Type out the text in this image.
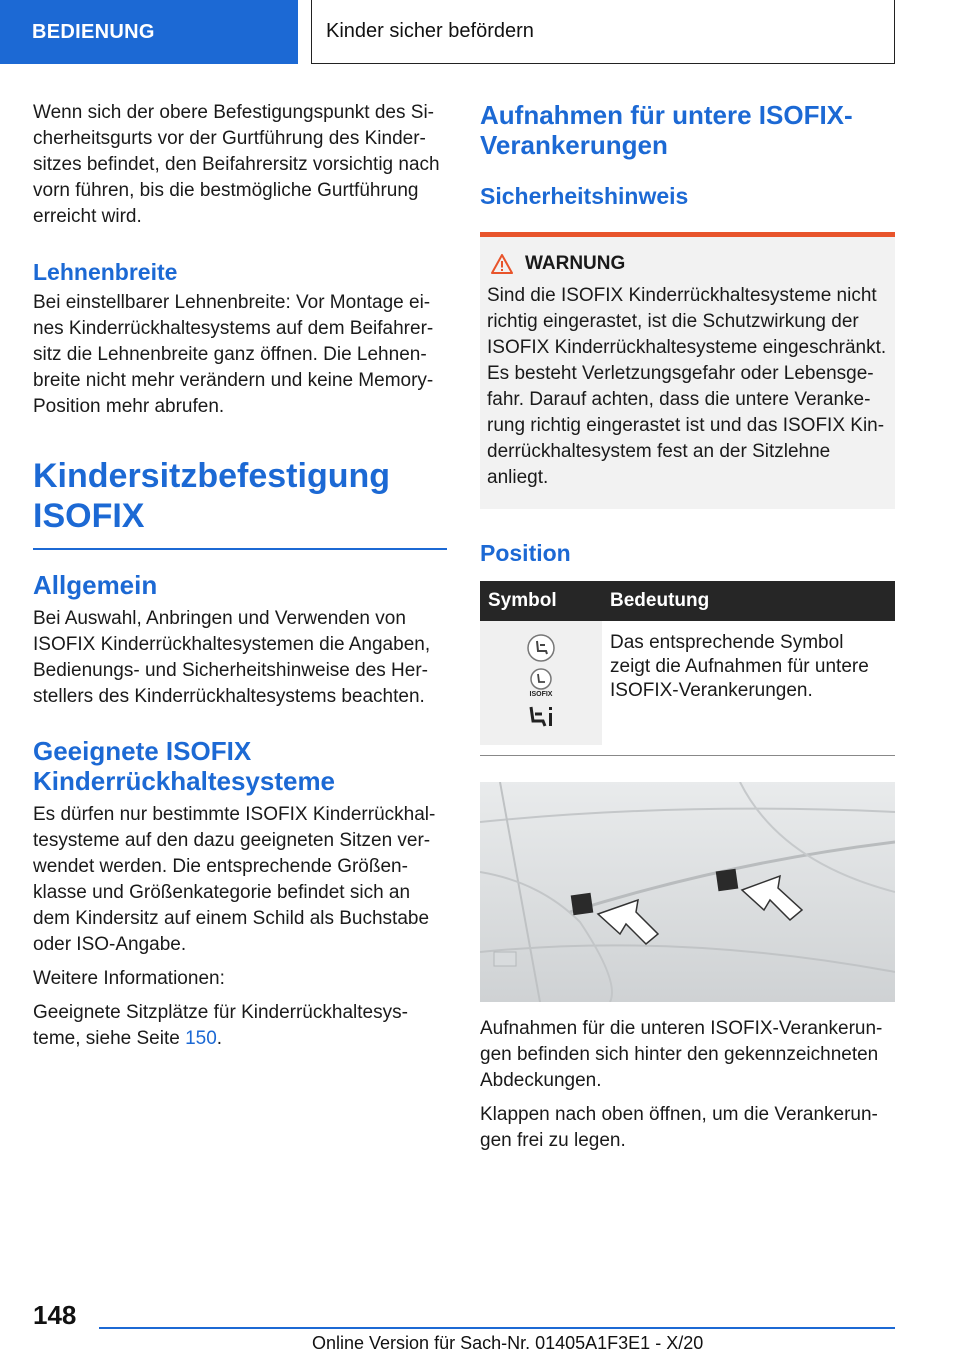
BEDIENUNG	Kinder sicher befördern

Wenn sich der obere Befestigungspunkt des Si-cherheitsgurts vor der Gurtführung des Kinder-sitzes befindet, den Beifahrersitz vorsichtig nach vorn führen, bis die bestmögliche Gurtführung erreicht wird.

Lehnenbreite

Bei einstellbarer Lehnenbreite: Vor Montage ei-nes Kinderrückhaltesystems auf dem Beifahrer-sitz die Lehnenbreite ganz öffnen. Die Lehnen-breite nicht mehr verändern und keine Memory-Position mehr abrufen.

Kindersitzbefestigung
ISOFIX
Allgemein

Bei Auswahl, Anbringen und Verwenden von ISOFIX Kinderrückhaltesystemen die Angaben, Bedienungs- und Sicherheitshinweise des Her-stellers des Kinderrückhaltesystems beachten.

Geeignete ISOFIX
Kinderrückhaltesysteme

Es dürfen nur bestimmte ISOFIX Kinderrückhal-tesysteme auf den dazu geeigneten Sitzen ver-wendet werden. Die entsprechende Größen-klasse und Größenkategorie befindet sich an dem Kindersitz auf einem Schild als Buchstabe oder ISO-Angabe.

Weitere Informationen:

Geeignete Sitzplätze für Kinderrückhaltesys-teme, siehe Seite 150.

Aufnahmen für untere ISOFIX-
Verankerungen
Sicherheitshinweis
WARNUNG

Sind die ISOFIX Kinderrückhaltesysteme nicht richtig eingerastet, ist die Schutzwirkung der ISOFIX Kinderrückhaltesysteme eingeschränkt. Es besteht Verletzungsgefahr oder Lebensge-fahr. Darauf achten, dass die untere Veranke-rung richtig eingerastet ist und das ISOFIX Kin-derrückhaltesystem fest an der Sitzlehne anliegt.

Position
Symbol	Bedeutung

ISOFIX	Das entsprechende Symbol zeigt die Aufnahmen für untere ISOFIX-Verankerungen.

Aufnahmen für die unteren ISOFIX-Verankerun-gen befinden sich hinter den gekennzeichneten Abdeckungen.

Klappen nach oben öffnen, um die Verankerun-gen frei zu legen.

148
Online Version für Sach-Nr. 01405A1F3E1 - X/20
